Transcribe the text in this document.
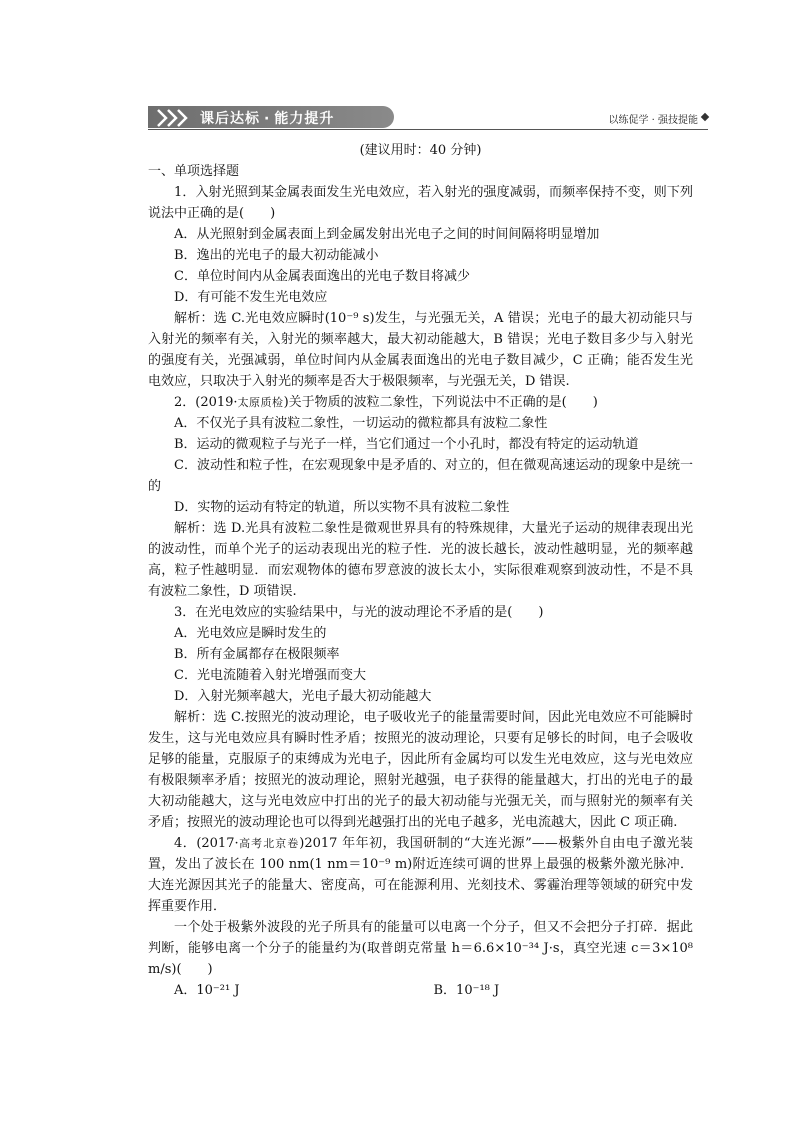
课后达标 · 能力提升	以练促学 · 强技提能

(建议用时：40 分钟)

一、单项选择题

1．入射光照到某金属表面发生光电效应，若入射光的强度减弱，而频率保持不变，则下列说法中正确的是(　　)

A．从光照射到金属表面上到金属发射出光电子之间的时间间隔将明显增加

B．逸出的光电子的最大初动能减小

C．单位时间内从金属表面逸出的光电子数目将减少

D．有可能不发生光电效应

解析：选 C.光电效应瞬时(10⁻⁹ s)发生，与光强无关，A 错误；光电子的最大初动能只与入射光的频率有关，入射光的频率越大，最大初动能越大，B 错误；光电子数目多少与入射光的强度有关，光强减弱，单位时间内从金属表面逸出的光电子数目减少，C 正确；能否发生光电效应，只取决于入射光的频率是否大于极限频率，与光强无关，D 错误.

2．(2019·太原质检)关于物质的波粒二象性，下列说法中不正确的是(　　)

A．不仅光子具有波粒二象性，一切运动的微粒都具有波粒二象性

B．运动的微观粒子与光子一样，当它们通过一个小孔时，都没有特定的运动轨道

C．波动性和粒子性，在宏观现象中是矛盾的、对立的，但在微观高速运动的现象中是统一的

D．实物的运动有特定的轨道，所以实物不具有波粒二象性

解析：选 D.光具有波粒二象性是微观世界具有的特殊规律，大量光子运动的规律表现出光的波动性，而单个光子的运动表现出光的粒子性．光的波长越长，波动性越明显，光的频率越高，粒子性越明显．而宏观物体的德布罗意波的波长太小，实际很难观察到波动性，不是不具有波粒二象性，D 项错误.

3．在光电效应的实验结果中，与光的波动理论不矛盾的是(　　)

A．光电效应是瞬时发生的

B．所有金属都存在极限频率

C．光电流随着入射光增强而变大

D．入射光频率越大，光电子最大初动能越大

解析：选 C.按照光的波动理论，电子吸收光子的能量需要时间，因此光电效应不可能瞬时发生，这与光电效应具有瞬时性矛盾；按照光的波动理论，只要有足够长的时间，电子会吸收足够的能量，克服原子的束缚成为光电子，因此所有金属均可以发生光电效应，这与光电效应有极限频率矛盾；按照光的波动理论，照射光越强，电子获得的能量越大，打出的光电子的最大初动能越大，这与光电效应中打出的光子的最大初动能与光强无关，而与照射光的频率有关矛盾；按照光的波动理论也可以得到光越强打出的光电子越多，光电流越大，因此 C 项正确.

4．(2017·高考北京卷)2017 年年初，我国研制的“大连光源”——极紫外自由电子激光装置，发出了波长在 100 nm(1 nm＝10⁻⁹ m)附近连续可调的世界上最强的极紫外激光脉冲．大连光源因其光子的能量大、密度高，可在能源利用、光刻技术、雾霾治理等领域的研究中发挥重要作用．

一个处于极紫外波段的光子所具有的能量可以电离一个分子，但又不会把分子打碎．据此判断，能够电离一个分子的能量约为(取普朗克常量 h＝6.6×10⁻³⁴ J·s，真空光速 c＝3×10⁸ m/s)(　　)

A．10⁻²¹ J	B．10⁻¹⁸ J
